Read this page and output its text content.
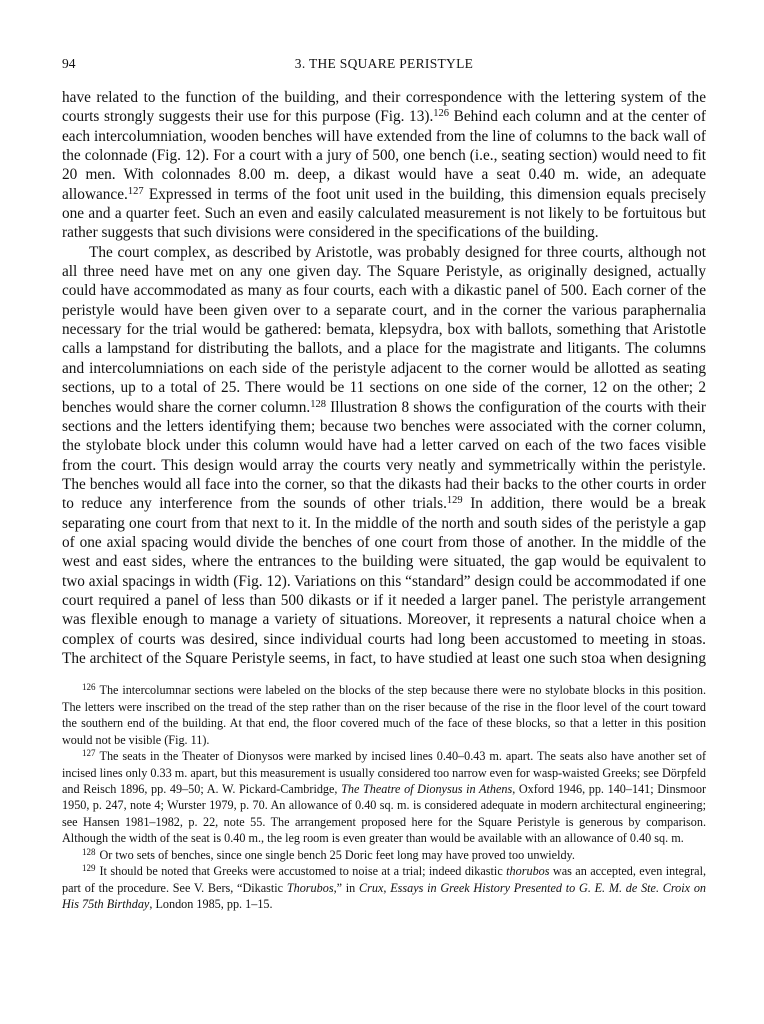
94	3. THE SQUARE PERISTYLE

have related to the function of the building, and their correspondence with the lettering system of the courts strongly suggests their use for this purpose (Fig. 13).$^{126}$ Behind each column and at the center of each intercolumniation, wooden benches will have extended from the line of columns to the back wall of the colonnade (Fig. 12). For a court with a jury of 500, one bench (i.e., seating section) would need to fit 20 men. With colonnades 8.00 m. deep, a dikast would have a seat 0.40 m. wide, an adequate allowance.$^{127}$ Expressed in terms of the foot unit used in the building, this dimension equals precisely one and a quarter feet. Such an even and easily calculated measurement is not likely to be fortuitous but rather suggests that such divisions were considered in the specifications of the building.

The court complex, as described by Aristotle, was probably designed for three courts, although not all three need have met on any one given day. The Square Peristyle, as originally designed, actually could have accommodated as many as four courts, each with a dikastic panel of 500. Each corner of the peristyle would have been given over to a separate court, and in the corner the various paraphernalia necessary for the trial would be gathered: bemata, klepsydra, box with ballots, something that Aristotle calls a lampstand for distributing the ballots, and a place for the magistrate and litigants. The columns and intercolumniations on each side of the peristyle adjacent to the corner would be allotted as seating sections, up to a total of 25. There would be 11 sections on one side of the corner, 12 on the other; 2 benches would share the corner column.$^{128}$ Illustration 8 shows the configuration of the courts with their sections and the letters identifying them; because two benches were associated with the corner column, the stylobate block under this column would have had a letter carved on each of the two faces visible from the court. This design would array the courts very neatly and symmetrically within the peristyle. The benches would all face into the corner, so that the dikasts had their backs to the other courts in order to reduce any interference from the sounds of other trials.$^{129}$ In addition, there would be a break separating one court from that next to it. In the middle of the north and south sides of the peristyle a gap of one axial spacing would divide the benches of one court from those of another. In the middle of the west and east sides, where the entrances to the building were situated, the gap would be equivalent to two axial spacings in width (Fig. 12). Variations on this “standard” design could be accommodated if one court required a panel of less than 500 dikasts or if it needed a larger panel. The peristyle arrangement was flexible enough to manage a variety of situations. Moreover, it represents a natural choice when a complex of courts was desired, since individual courts had long been accustomed to meeting in stoas. The architect of the Square Peristyle seems, in fact, to have studied at least one such stoa when designing

$^{126}$ The intercolumnar sections were labeled on the blocks of the step because there were no stylobate blocks in this position. The letters were inscribed on the tread of the step rather than on the riser because of the rise in the floor level of the court toward the southern end of the building. At that end, the floor covered much of the face of these blocks, so that a letter in this position would not be visible (Fig. 11).

$^{127}$ The seats in the Theater of Dionysos were marked by incised lines 0.40–0.43 m. apart. The seats also have another set of incised lines only 0.33 m. apart, but this measurement is usually considered too narrow even for wasp-waisted Greeks; see Dörpfeld and Reisch 1896, pp. 49–50; A. W. Pickard-Cambridge, The Theatre of Dionysus in Athens, Oxford 1946, pp. 140–141; Dinsmoor 1950, p. 247, note 4; Wurster 1979, p. 70. An allowance of 0.40 sq. m. is considered adequate in modern architectural engineering; see Hansen 1981–1982, p. 22, note 55. The arrangement proposed here for the Square Peristyle is generous by comparison. Although the width of the seat is 0.40 m., the leg room is even greater than would be available with an allowance of 0.40 sq. m.

$^{128}$ Or two sets of benches, since one single bench 25 Doric feet long may have proved too unwieldy.

$^{129}$ It should be noted that Greeks were accustomed to noise at a trial; indeed dikastic thorubos was an accepted, even integral, part of the procedure. See V. Bers, “Dikastic Thorubos,” in Crux, Essays in Greek History Presented to G. E. M. de Ste. Croix on His 75th Birthday, London 1985, pp. 1–15.
